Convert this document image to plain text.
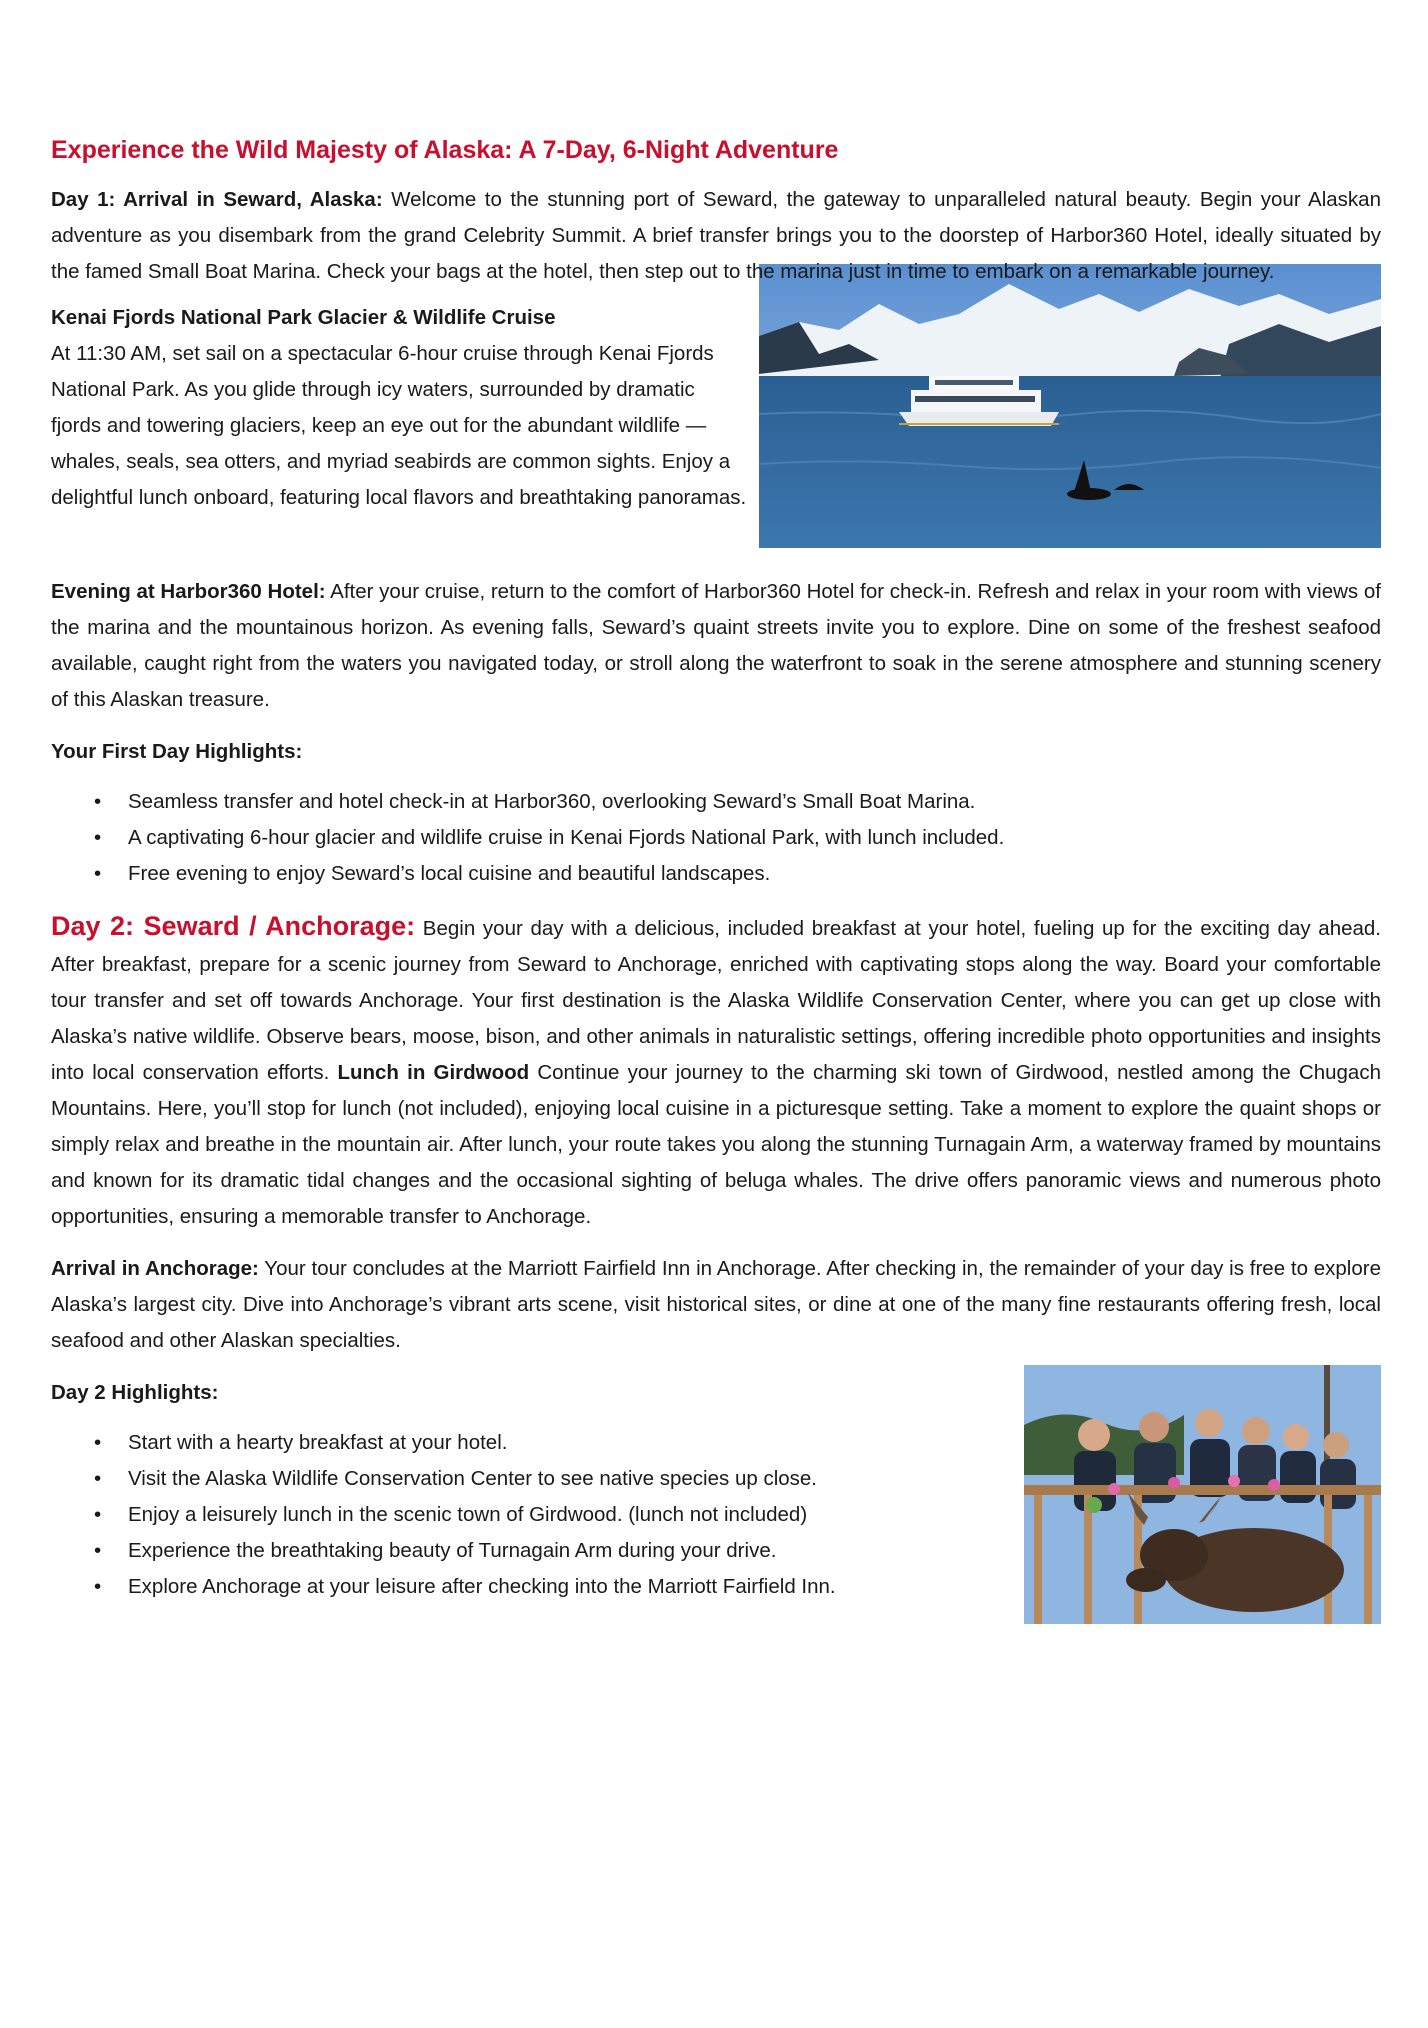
Experience the Wild Majesty of Alaska: A 7-Day, 6-Night Adventure

Day 1: Arrival in Seward, Alaska: Welcome to the stunning port of Seward, the gateway to unparalleled natural beauty. Begin your Alaskan adventure as you disembark from the grand Celebrity Summit. A brief transfer brings you to the doorstep of Harbor360 Hotel, ideally situated by the famed Small Boat Marina. Check your bags at the hotel, then step out to the marina just in time to embark on a remarkable journey.

Kenai Fjords National Park Glacier & Wildlife Cruise

At 11:30 AM, set sail on a spectacular 6-hour cruise through Kenai Fjords National Park. As you glide through icy waters, surrounded by dramatic fjords and towering glaciers, keep an eye out for the abundant wildlife — whales, seals, sea otters, and myriad seabirds are common sights. Enjoy a delightful lunch onboard, featuring local flavors and breathtaking panoramas.

Evening at Harbor360 Hotel: After your cruise, return to the comfort of Harbor360 Hotel for check-in. Refresh and relax in your room with views of the marina and the mountainous horizon. As evening falls, Seward’s quaint streets invite you to explore. Dine on some of the freshest seafood available, caught right from the waters you navigated today, or stroll along the waterfront to soak in the serene atmosphere and stunning scenery of this Alaskan treasure.

Your First Day Highlights:
• Seamless transfer and hotel check-in at Harbor360, overlooking Seward’s Small Boat Marina.
• A captivating 6-hour glacier and wildlife cruise in Kenai Fjords National Park, with lunch included.
• Free evening to enjoy Seward’s local cuisine and beautiful landscapes.

Day 2: Seward / Anchorage: Begin your day with a delicious, included breakfast at your hotel, fueling up for the exciting day ahead. After breakfast, prepare for a scenic journey from Seward to Anchorage, enriched with captivating stops along the way. Board your comfortable tour transfer and set off towards Anchorage. Your first destination is the Alaska Wildlife Conservation Center, where you can get up close with Alaska’s native wildlife. Observe bears, moose, bison, and other animals in naturalistic settings, offering incredible photo opportunities and insights into local conservation efforts. Lunch in Girdwood Continue your journey to the charming ski town of Girdwood, nestled among the Chugach Mountains. Here, you’ll stop for lunch (not included), enjoying local cuisine in a picturesque setting. Take a moment to explore the quaint shops or simply relax and breathe in the mountain air. After lunch, your route takes you along the stunning Turnagain Arm, a waterway framed by mountains and known for its dramatic tidal changes and the occasional sighting of beluga whales. The drive offers panoramic views and numerous photo opportunities, ensuring a memorable transfer to Anchorage.

Arrival in Anchorage: Your tour concludes at the Marriott Fairfield Inn in Anchorage. After checking in, the remainder of your day is free to explore Alaska’s largest city. Dive into Anchorage’s vibrant arts scene, visit historical sites, or dine at one of the many fine restaurants offering fresh, local seafood and other Alaskan specialties.

Day 2 Highlights:
• Start with a hearty breakfast at your hotel.
• Visit the Alaska Wildlife Conservation Center to see native species up close.
• Enjoy a leisurely lunch in the scenic town of Girdwood. (lunch not included)
• Experience the breathtaking beauty of Turnagain Arm during your drive.
• Explore Anchorage at your leisure after checking into the Marriott Fairfield Inn.
